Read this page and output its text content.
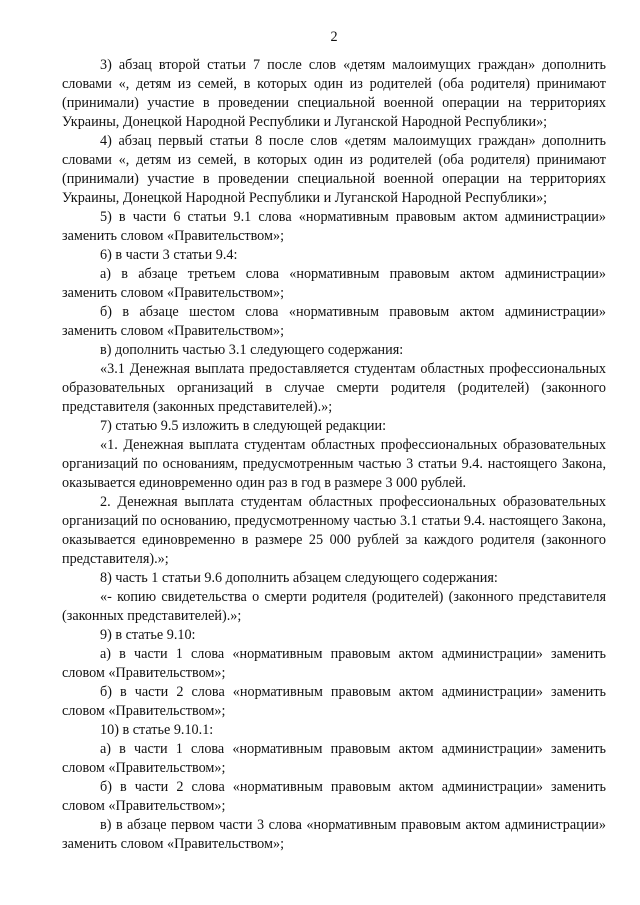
2

3) абзац второй статьи 7 после слов «детям малоимущих граждан» дополнить словами «, детям из семей, в которых один из родителей (оба родителя) принимают (принимали) участие в проведении специальной военной операции на территориях Украины, Донецкой Народной Республики и Луганской Народной Республики»;

4) абзац первый статьи 8 после слов «детям малоимущих граждан» дополнить словами «, детям из семей, в которых один из родителей (оба родителя) принимают (принимали) участие в проведении специальной военной операции на территориях Украины, Донецкой Народной Республики и Луганской Народной Республики»;

5) в части 6 статьи 9.1 слова «нормативным правовым актом администрации» заменить словом «Правительством»;

6) в части 3 статьи 9.4:

а) в абзаце третьем слова «нормативным правовым актом администрации» заменить словом «Правительством»;

б) в абзаце шестом слова «нормативным правовым актом администрации» заменить словом «Правительством»;

в) дополнить частью 3.1 следующего содержания:

«3.1 Денежная выплата предоставляется студентам областных профессиональных образовательных организаций в случае смерти родителя (родителей) (законного представителя (законных представителей).»;

7) статью 9.5 изложить в следующей редакции:

«1. Денежная выплата студентам областных профессиональных образовательных организаций по основаниям, предусмотренным частью 3 статьи 9.4. настоящего Закона, оказывается единовременно один раз в год в размере 3 000 рублей.

2. Денежная выплата студентам областных профессиональных образовательных организаций по основанию, предусмотренному частью 3.1 статьи 9.4. настоящего Закона, оказывается единовременно в размере 25 000 рублей за каждого родителя (законного представителя).»;

8) часть 1 статьи 9.6 дополнить абзацем следующего содержания:

«- копию свидетельства о смерти родителя (родителей) (законного представителя (законных представителей).»;

9) в статье 9.10:

а) в части 1 слова «нормативным правовым актом администрации» заменить словом «Правительством»;

б) в части 2 слова «нормативным правовым актом администрации» заменить словом «Правительством»;

10) в статье 9.10.1:

а) в части 1 слова «нормативным правовым актом администрации» заменить словом «Правительством»;

б) в части 2 слова «нормативным правовым актом администрации» заменить словом «Правительством»;

в) в абзаце первом части 3 слова «нормативным правовым актом администрации» заменить словом «Правительством»;
